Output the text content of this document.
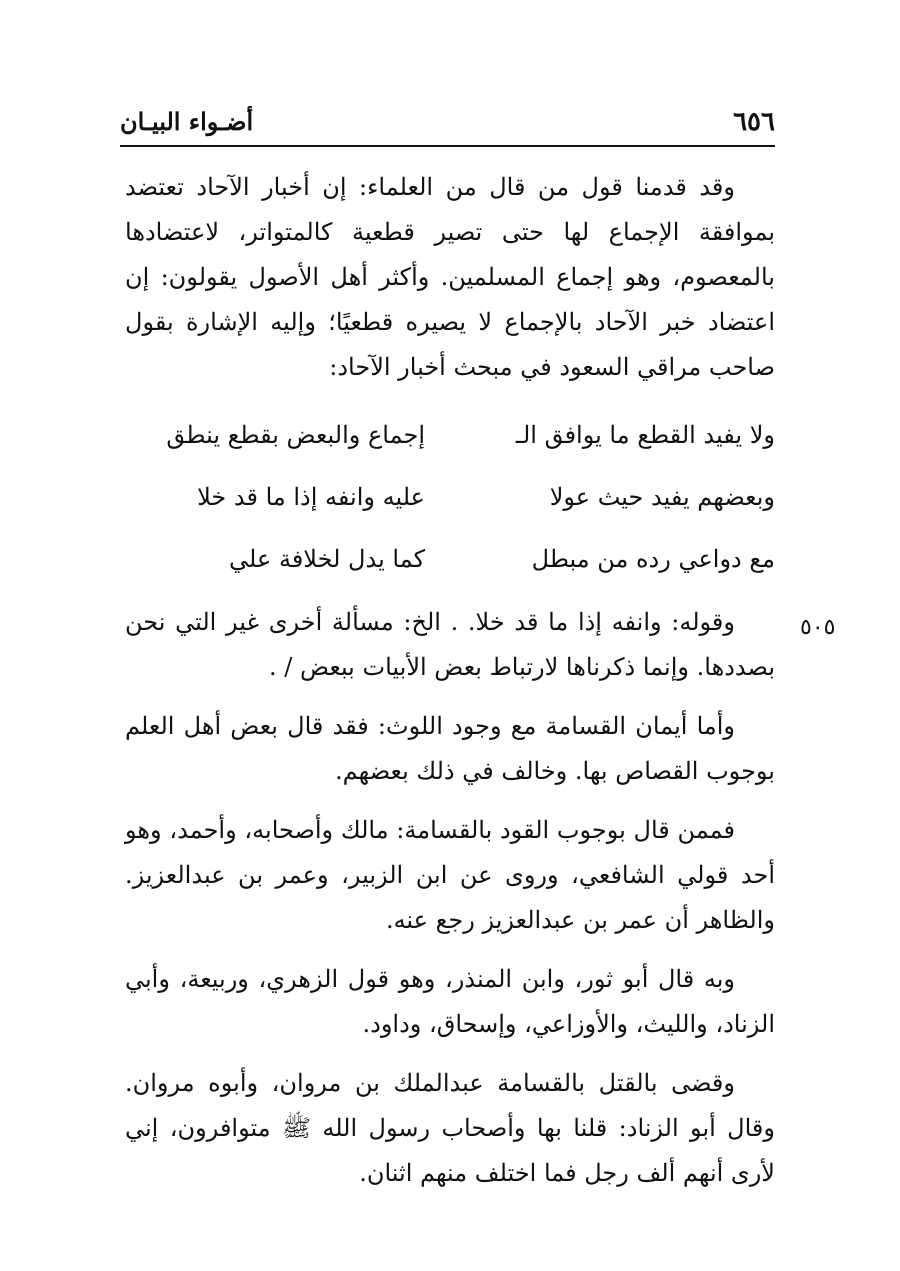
٦٥٦
أضـواء البيـان
٥٠٥

وقد قدمنا قول من قال من العلماء: إن أخبار الآحاد تعتضد بموافقة الإجماع لها حتى تصير قطعية كالمتواتر، لاعتضادها بالمعصوم، وهو إجماع المسلمين. وأكثر أهل الأصول يقولون: إن اعتضاد خبر الآحاد بالإجماع لا يصيره قطعيًا؛ وإليه الإشارة بقول صاحب مراقي السعود في مبحث أخبار الآحاد:

ولا يفيد القطع ما يوافق الـ
إجماع والبعض بقطع ينطق
وبعضهم يفيد حيث عولا
عليه وانفه إذا ما قد خلا
مع دواعي رده من مبطل
كما يدل لخلافة علي

وقوله: وانفه إذا ما قد خلا. . الخ: مسألة أخرى غير التي نحن بصددها. وإنما ذكرناها لارتباط بعض الأبيات ببعض / .

وأما أيمان القسامة مع وجود اللوث: فقد قال بعض أهل العلم بوجوب القصاص بها. وخالف في ذلك بعضهم.

فممن قال بوجوب القود بالقسامة: مالك وأصحابه، وأحمد، وهو أحد قولي الشافعي، وروى عن ابن الزبير، وعمر بن عبدالعزيز. والظاهر أن عمر بن عبدالعزيز رجع عنه.

وبه قال أبو ثور، وابن المنذر، وهو قول الزهري، وربيعة، وأبي الزناد، والليث، والأوزاعي، وإسحاق، وداود.

وقضى بالقتل بالقسامة عبدالملك بن مروان، وأبوه مروان. وقال أبو الزناد: قلنا بها وأصحاب رسول الله ﷺ متوافرون، إني لأرى أنهم ألف رجل فما اختلف منهم اثنان.
